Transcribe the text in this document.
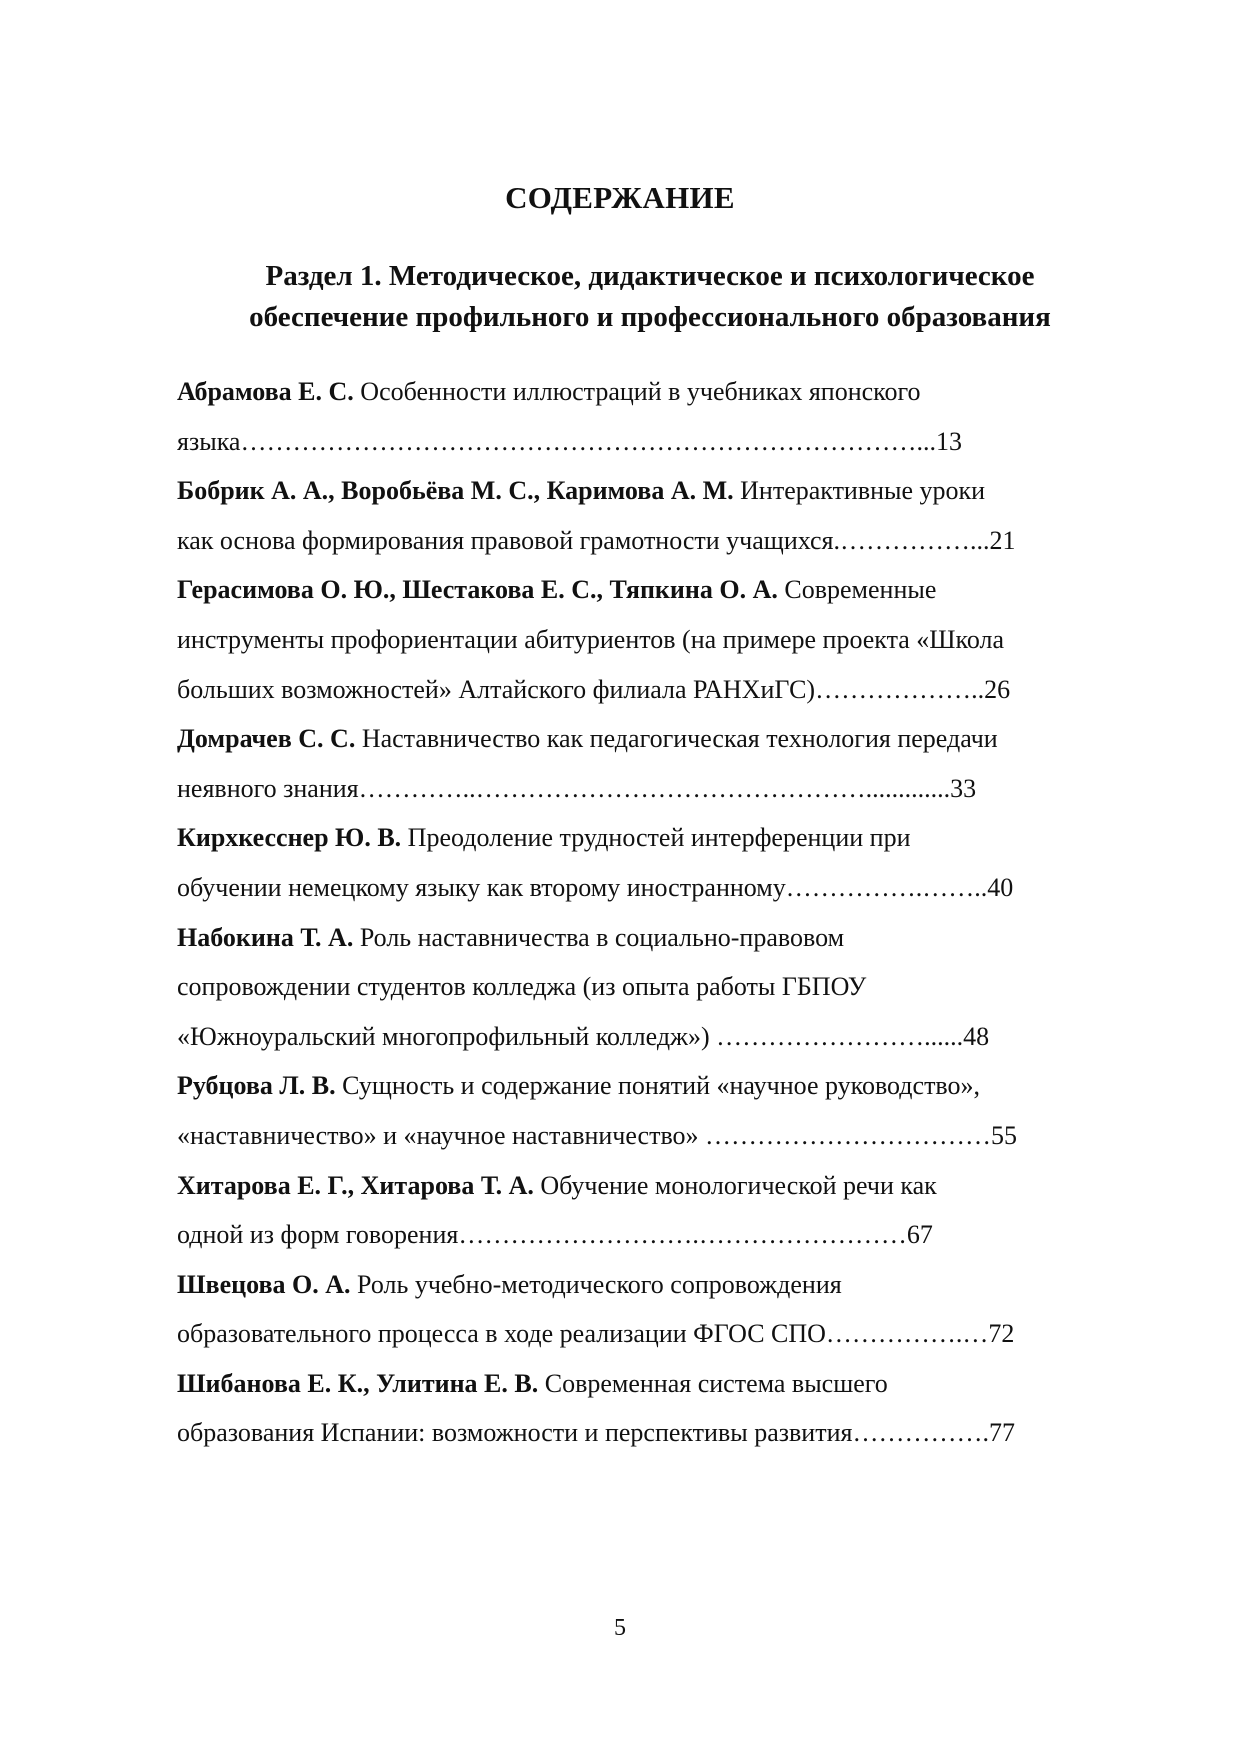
СОДЕРЖАНИЕ
Раздел 1. Методическое, дидактическое и психологическое
обеспечение профильного и профессионального образования
Абрамова Е. С. Особенности иллюстраций в учебниках японского
языка……………………………………………………………………...13
Бобрик А. А., Воробьёва М. С., Каримова А. М. Интерактивные уроки
как основа формирования правовой грамотности учащихся.……………...21
Герасимова О. Ю., Шестакова Е. С., Тяпкина О. А. Современные
инструменты профориентации абитуриентов (на примере проекта «Школа
больших возможностей» Алтайского филиала РАНХиГС)………………..26
Домрачев С. С. Наставничество как педагогическая технология передачи
неявного знания…………..……………………………………….............33
Кирхкесснер Ю. В. Преодоление трудностей интерференции при
обучении немецкому языку как второму иностранному…………….……..40
Набокина Т. А. Роль наставничества в социально-правовом
сопровождении студентов колледжа (из опыта работы ГБПОУ
«Южноуральский многопрофильный колледж») ……………………......48
Рубцова Л. В. Сущность и содержание понятий «научное руководство»,
«наставничество» и «научное наставничество» ……………………………55
Хитарова Е. Г., Хитарова Т. А. Обучение монологической речи как
одной из форм говорения……………………….……………………67
Швецова О. А. Роль учебно-методического сопровождения
образовательного процесса в ходе реализации ФГОС СПО…………….…72
Шибанова Е. К., Улитина Е. В. Современная система высшего
образования Испании: возможности и перспективы развития…………….77
5
